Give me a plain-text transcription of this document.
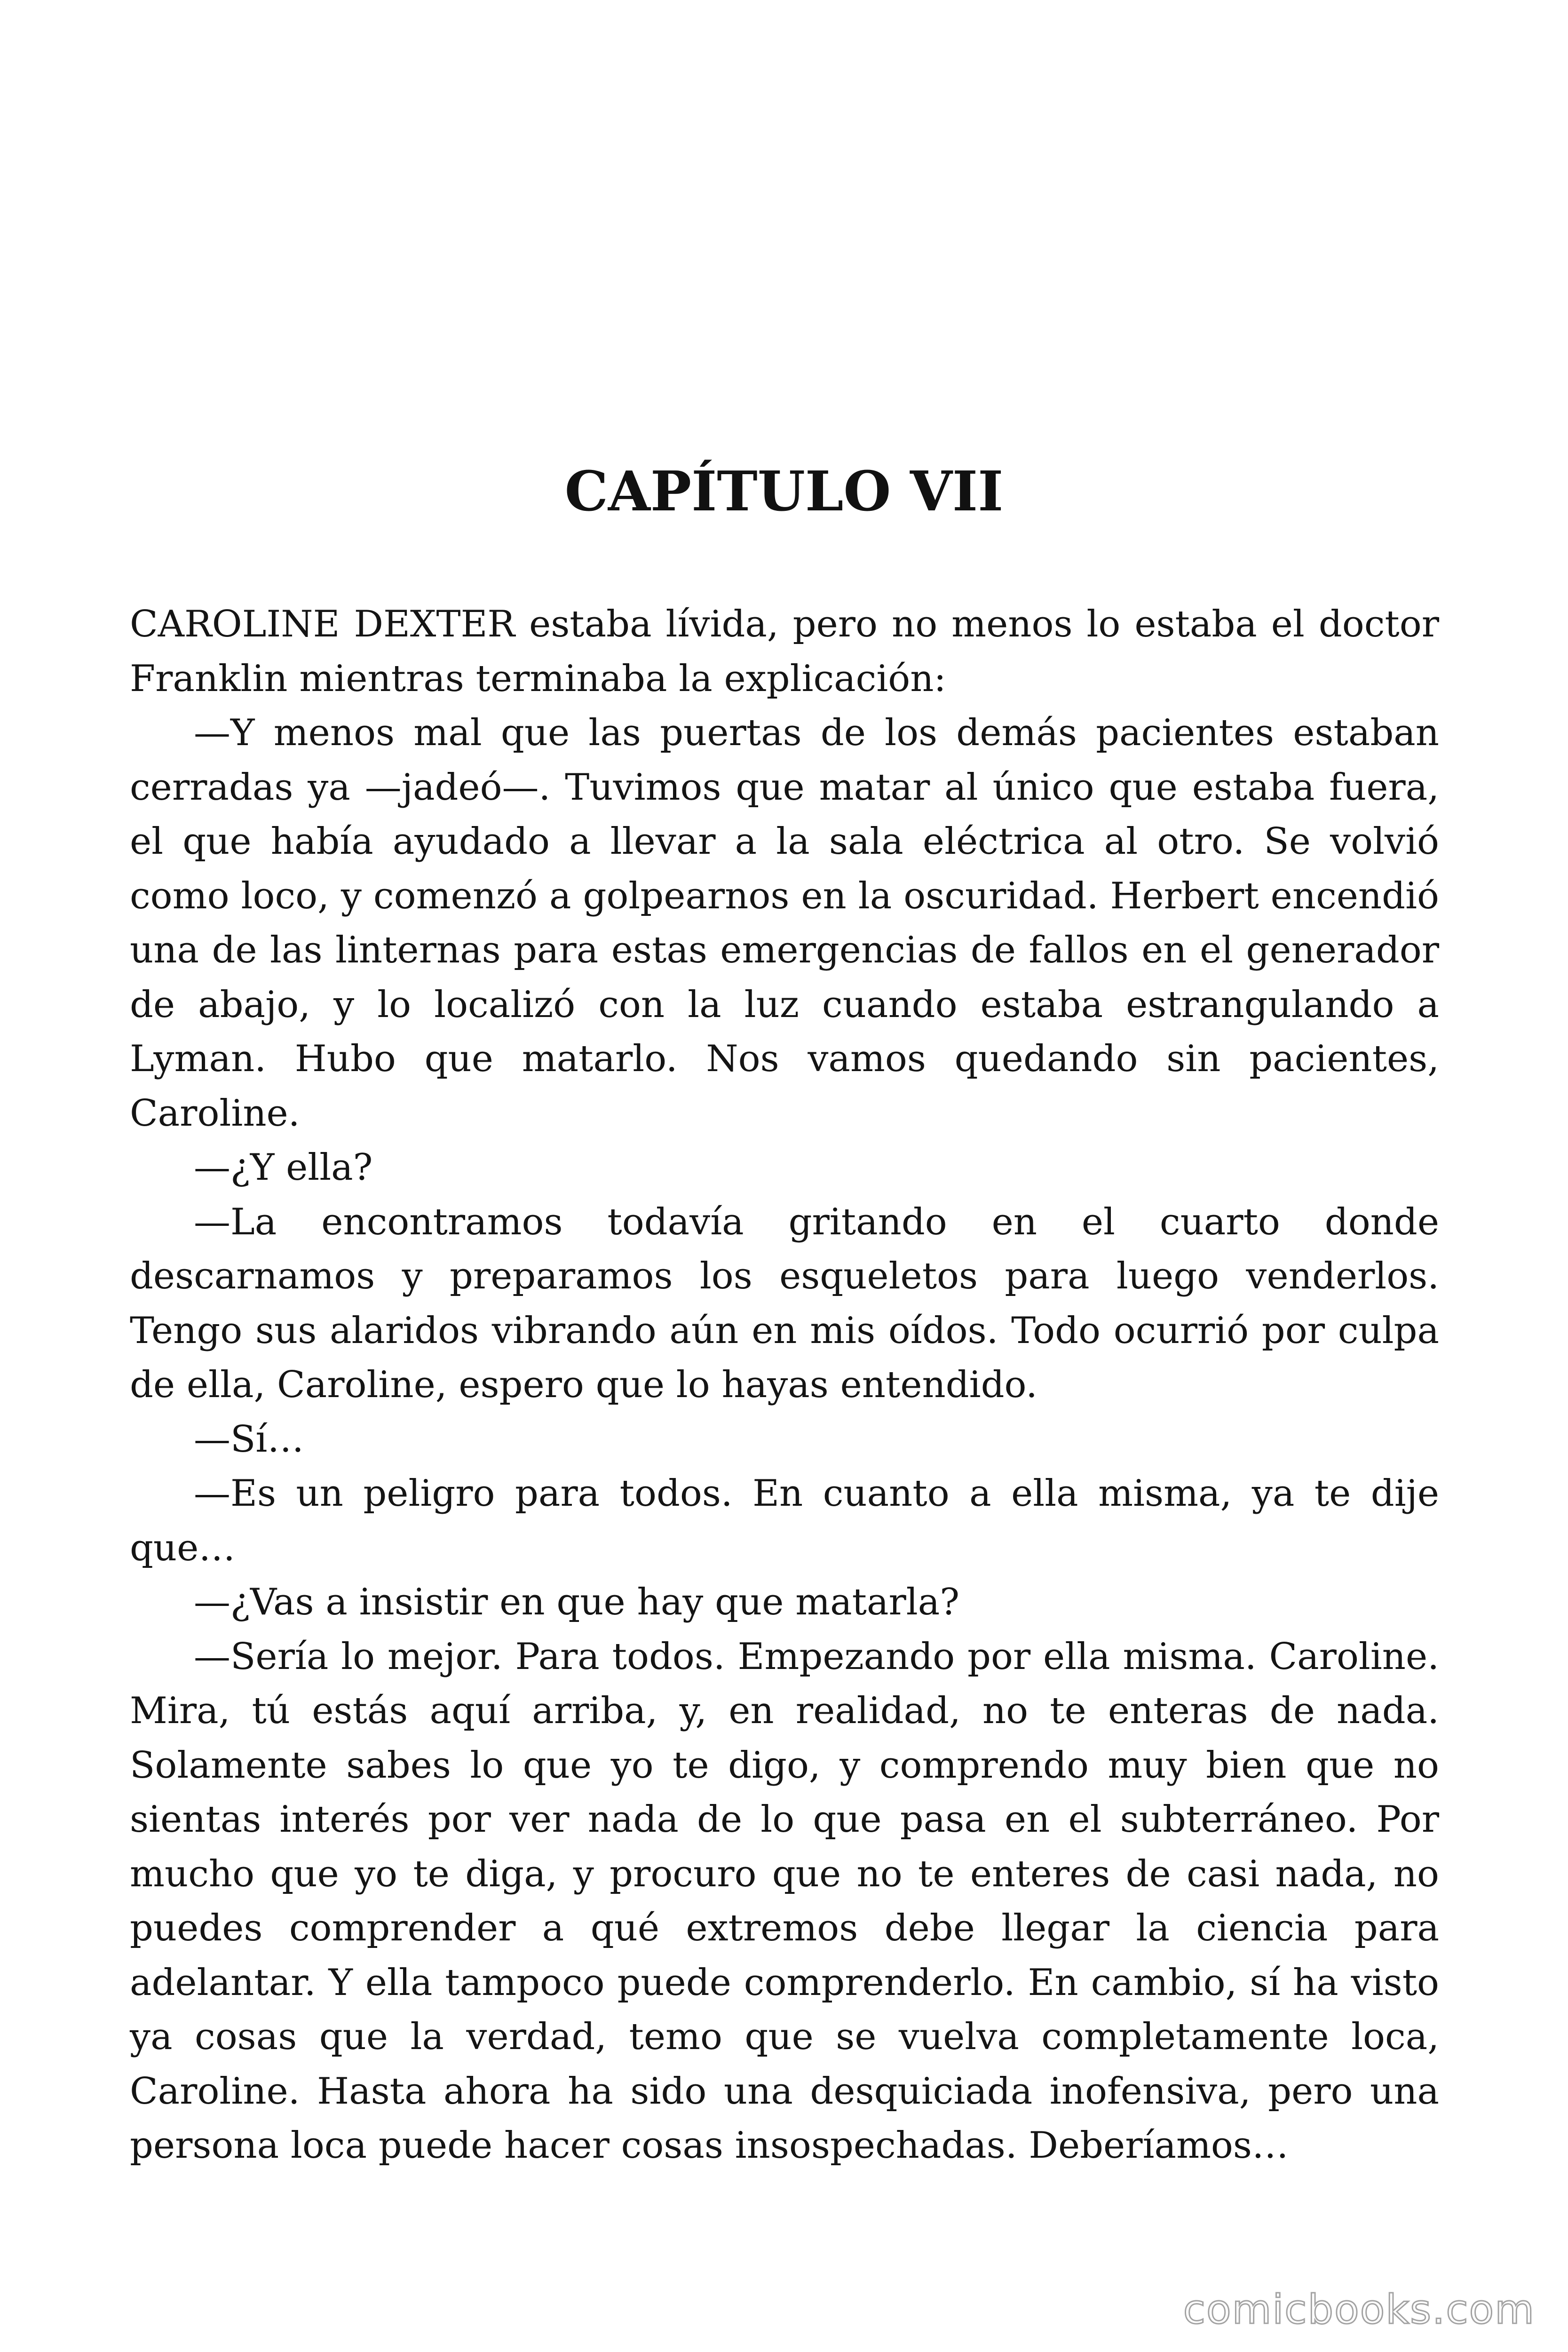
CAPÍTULO VII

CAROLINE DEXTER estaba lívida, pero no menos lo estaba el doctor Franklin mientras terminaba la explicación:

—Y menos mal que las puertas de los demás pacientes estaban cerradas ya —jadeó—. Tuvimos que matar al único que estaba fuera, el que había ayudado a llevar a la sala eléctrica al otro. Se volvió como loco, y comenzó a golpearnos en la oscuridad. Herbert encendió una de las linternas para estas emergencias de fallos en el generador de abajo, y lo localizó con la luz cuando estaba estrangulando a Lyman. Hubo que matarlo. Nos vamos quedando sin pacientes, Caroline.

—¿Y ella?

—La encontramos todavía gritando en el cuarto donde descarnamos y preparamos los esqueletos para luego venderlos. Tengo sus alaridos vibrando aún en mis oídos. Todo ocurrió por culpa de ella, Caroline, espero que lo hayas entendido.

—Sí…

—Es un peligro para todos. En cuanto a ella misma, ya te dije que…

—¿Vas a insistir en que hay que matarla?

—Sería lo mejor. Para todos. Empezando por ella misma. Caroline. Mira, tú estás aquí arriba, y, en realidad, no te enteras de nada. Solamente sabes lo que yo te digo, y comprendo muy bien que no sientas interés por ver nada de lo que pasa en el subterráneo. Por mucho que yo te diga, y procuro que no te enteres de casi nada, no puedes comprender a qué extremos debe llegar la ciencia para adelantar. Y ella tampoco puede comprenderlo. En cambio, sí ha visto ya cosas que la verdad, temo que se vuelva completamente loca, Caroline. Hasta ahora ha sido una desquiciada inofensiva, pero una persona loca puede hacer cosas insospechadas. Deberíamos…

comicbooks.com
